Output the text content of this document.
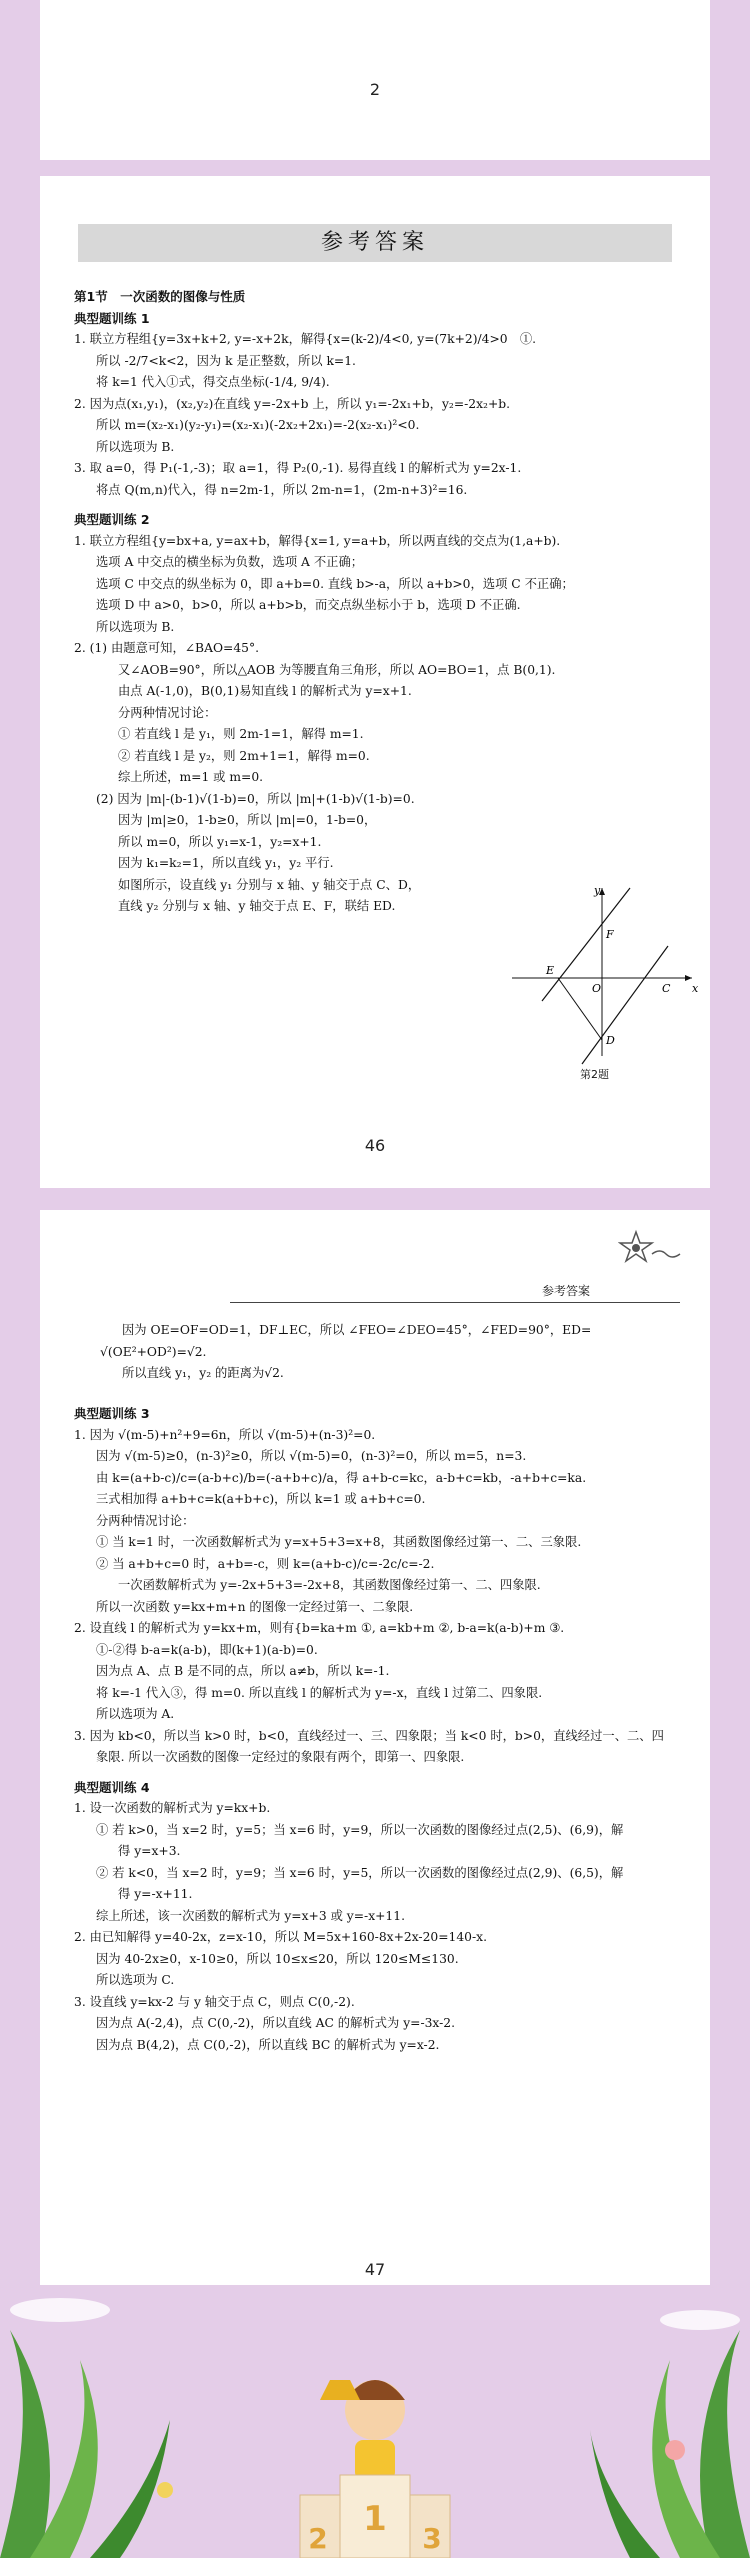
2
参考答案

第1节　一次函数的图像与性质

典型题训练 1

1. 联立方程组{y=3x+k+2, y=-x+2k，解得{x=(k-2)/4<0, y=(7k+2)/4>0　①.

所以 -2/7<k<2，因为 k 是正整数，所以 k=1.

将 k=1 代入①式，得交点坐标(-1/4, 9/4).

2. 因为点(x₁,y₁)，(x₂,y₂)在直线 y=-2x+b 上，所以 y₁=-2x₁+b，y₂=-2x₂+b.

所以 m=(x₂-x₁)(y₂-y₁)=(x₂-x₁)(-2x₂+2x₁)=-2(x₂-x₁)²<0.

所以选项为 B.

3. 取 a=0，得 P₁(-1,-3)；取 a=1，得 P₂(0,-1). 易得直线 l 的解析式为 y=2x-1.

将点 Q(m,n)代入，得 n=2m-1，所以 2m-n=1，(2m-n+3)²=16.

典型题训练 2

1. 联立方程组{y=bx+a, y=ax+b，解得{x=1, y=a+b，所以两直线的交点为(1,a+b).

选项 A 中交点的横坐标为负数，选项 A 不正确；

选项 C 中交点的纵坐标为 0，即 a+b=0. 直线 b>-a，所以 a+b>0，选项 C 不正确；

选项 D 中 a>0，b>0，所以 a+b>b，而交点纵坐标小于 b，选项 D 不正确.

所以选项为 B.

2. (1) 由题意可知，∠BAO=45°.

又∠AOB=90°，所以△AOB 为等腰直角三角形，所以 AO=BO=1，点 B(0,1).

由点 A(-1,0)，B(0,1)易知直线 l 的解析式为 y=x+1.

分两种情况讨论：

① 若直线 l 是 y₁，则 2m-1=1，解得 m=1.

② 若直线 l 是 y₂，则 2m+1=1，解得 m=0.

综上所述，m=1 或 m=0.

(2) 因为 |m|-(b-1)√(1-b)=0，所以 |m|+(1-b)√(1-b)=0.

因为 |m|≥0，1-b≥0，所以 |m|=0，1-b=0，

所以 m=0，所以 y₁=x-1，y₂=x+1.

因为 k₁=k₂=1，所以直线 y₁，y₂ 平行.

如图所示，设直线 y₁ 分别与 x 轴、y 轴交于点 C、D，

直线 y₂ 分别与 x 轴、y 轴交于点 E、F，联结 ED.

y
x
O
E
F
C
D
第2题
46
参考答案

因为 OE=OF=OD=1，DF⊥EC，所以 ∠FEO=∠DEO=45°，∠FED=90°，ED=

√(OE²+OD²)=√2.

所以直线 y₁，y₂ 的距离为√2.

典型题训练 3

1. 因为 √(m-5)+n²+9=6n，所以 √(m-5)+(n-3)²=0.

因为 √(m-5)≥0，(n-3)²≥0，所以 √(m-5)=0，(n-3)²=0，所以 m=5，n=3.

由 k=(a+b-c)/c=(a-b+c)/b=(-a+b+c)/a，得 a+b-c=kc，a-b+c=kb，-a+b+c=ka.

三式相加得 a+b+c=k(a+b+c)，所以 k=1 或 a+b+c=0.

分两种情况讨论：

① 当 k=1 时，一次函数解析式为 y=x+5+3=x+8，其函数图像经过第一、二、三象限.

② 当 a+b+c=0 时，a+b=-c，则 k=(a+b-c)/c=-2c/c=-2.

一次函数解析式为 y=-2x+5+3=-2x+8，其函数图像经过第一、二、四象限.

所以一次函数 y=kx+m+n 的图像一定经过第一、二象限.

2. 设直线 l 的解析式为 y=kx+m，则有{b=ka+m ①, a=kb+m ②, b-a=k(a-b)+m ③.

①-②得 b-a=k(a-b)，即(k+1)(a-b)=0.

因为点 A、点 B 是不同的点，所以 a≠b，所以 k=-1.

将 k=-1 代入③，得 m=0. 所以直线 l 的解析式为 y=-x，直线 l 过第二、四象限.

所以选项为 A.

3. 因为 kb<0，所以当 k>0 时，b<0，直线经过一、三、四象限；当 k<0 时，b>0，直线经过一、二、四

象限. 所以一次函数的图像一定经过的象限有两个，即第一、四象限.

典型题训练 4

1. 设一次函数的解析式为 y=kx+b.

① 若 k>0，当 x=2 时，y=5；当 x=6 时，y=9，所以一次函数的图像经过点(2,5)、(6,9)，解

得 y=x+3.

② 若 k<0，当 x=2 时，y=9；当 x=6 时，y=5，所以一次函数的图像经过点(2,9)、(6,5)，解

得 y=-x+11.

综上所述，该一次函数的解析式为 y=x+3 或 y=-x+11.

2. 由已知解得 y=40-2x，z=x-10，所以 M=5x+160-8x+2x-20=140-x.

因为 40-2x≥0，x-10≥0，所以 10≤x≤20，所以 120≤M≤130.

所以选项为 C.

3. 设直线 y=kx-2 与 y 轴交于点 C，则点 C(0,-2).

因为点 A(-2,4)，点 C(0,-2)，所以直线 AC 的解析式为 y=-3x-2.

因为点 B(4,2)，点 C(0,-2)，所以直线 BC 的解析式为 y=x-2.

47
1
2	3
